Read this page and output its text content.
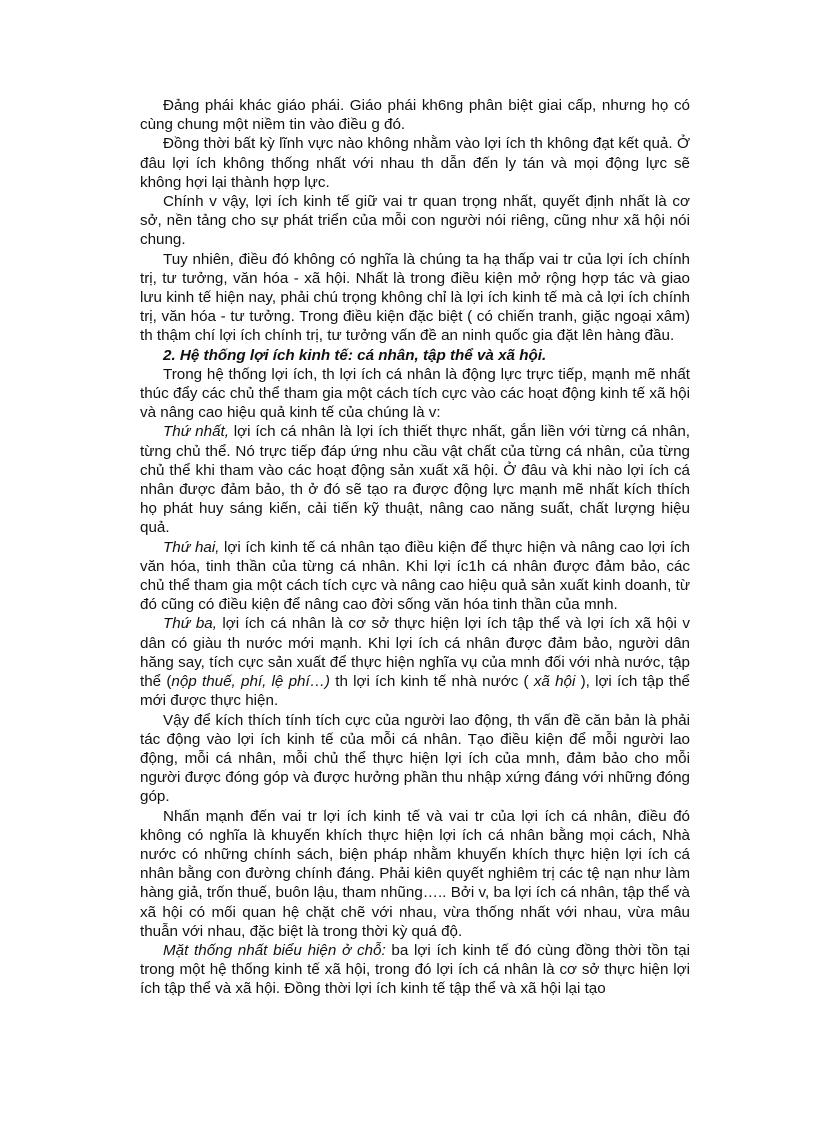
Đảng phái khác giáo phái. Giáo phái kh6ng phân biệt giai cấp, nhưng họ có cùng chung một niềm tin vào điều g đó.

Đồng thời bất kỳ lĩnh vực nào không nhằm vào lợi ích th không đạt kết quả. Ở đâu lợi ích không thống nhất với nhau th dẫn đến ly tán và mọi động lực sẽ không hợi lại thành hợp lực.

Chính v vậy, lợi ích kinh tế giữ vai tr quan trọng nhất, quyết định nhất là cơ sở, nền tảng cho sự phát triển của mỗi con người nói riêng, cũng như xã hội nói chung.

Tuy nhiên, điều đó không có nghĩa là chúng ta hạ thấp vai tr của lợi ích chính trị, tư tưởng, văn hóa - xã hội. Nhất là trong điều kiện mở rộng hợp tác và giao lưu kinh tế hiện nay, phải chú trọng không chỉ là lợi ích kinh tế mà cả lợi ích chính trị, văn hóa - tư tưởng. Trong điều kiện đặc biệt ( có chiến tranh, giặc ngoại xâm) th thậm chí lợi ích chính trị, tư tưởng vấn đề an ninh quốc gia đặt lên hàng đầu.

2. Hệ thống lợi ích kinh tế: cá nhân, tập thể và xã hội.

Trong hệ thống lợi ích, th lợi ích cá nhân là động lực trực tiếp, mạnh mẽ nhất thúc đẩy các chủ thể tham gia một cách tích cực vào các hoạt động kinh tế xã hội và nâng cao hiệu quả kinh tế của chúng là v:

Thứ nhất, lợi ích cá nhân là lợi ích thiết thực nhất, gắn liền với từng cá nhân, từng chủ thể. Nó trực tiếp đáp ứng nhu cầu vật chất của từng cá nhân, của từng chủ thể khi tham vào các hoạt động sản xuất xã hội. Ở đâu và khi nào lợi ích cá nhân được đảm bảo, th ở đó sẽ tạo ra được động lực mạnh mẽ nhất kích thích họ phát huy sáng kiến, cải tiến kỹ thuật, nâng cao năng suất, chất lượng hiệu quả.

Thứ hai, lợi ích kinh tế cá nhân tạo điều kiện để thực hiện và nâng cao lợi ích văn hóa, tinh thần của từng cá nhân. Khi lợi íc1h cá nhân được đảm bảo, các chủ thể tham gia một cách tích cực và nâng cao hiệu quả sản xuất kinh doanh, từ đó cũng có điều kiện để nâng cao đời sống văn hóa tinh thần của mnh.

Thứ ba, lợi ích cá nhân là cơ sở thực hiện lợi ích tập thể và lợi ích xã hội v dân có giàu th nước mới mạnh. Khi lợi ích cá nhân được đảm bảo, người dân hăng say, tích cực sản xuất để thực hiện nghĩa vụ của mnh đối với nhà nước, tập thể (nộp thuế, phí, lệ phí…) th lợi ích kinh tế nhà nước ( xã hội ), lợi ích tập thể mới được thực hiện.

Vậy để kích thích tính tích cực của người lao động, th vấn đề căn bản là phải tác động vào lợi ích kinh tế của mỗi cá nhân. Tạo điều kiện để mỗi người lao động, mỗi cá nhân, mỗi chủ thể thực hiện lợi ích của mnh, đảm bảo cho mỗi người được đóng góp và được hưởng phần thu nhập xứng đáng với những đóng góp.

Nhấn mạnh đến vai tr lợi ích kinh tế và vai tr của lợi ích cá nhân, điều đó không có nghĩa là khuyến khích thực hiện lợi ích cá nhân bằng mọi cách, Nhà nước có những chính sách, biện pháp nhằm khuyến khích thực hiện lợi ích cá nhân bằng con đường chính đáng. Phải kiên quyết nghiêm trị các tệ nạn như làm hàng giả, trốn thuế, buôn lậu, tham nhũng….. Bởi v, ba lợi ích cá nhân, tập thể và xã hội có mối quan hệ chặt chẽ với nhau, vừa thống nhất với nhau, vừa mâu thuẫn với nhau, đặc biệt là trong thời kỳ quá độ.

Mặt thống nhất biểu hiện ở chỗ: ba lợi ích kinh tế đó cùng đồng thời tồn tại trong một hệ thống kinh tế xã hội, trong đó lợi ích cá nhân là cơ sở thực hiện lợi ích tập thể và xã hội. Đồng thời lợi ích kinh tế tập thể và xã hội lại tạo
